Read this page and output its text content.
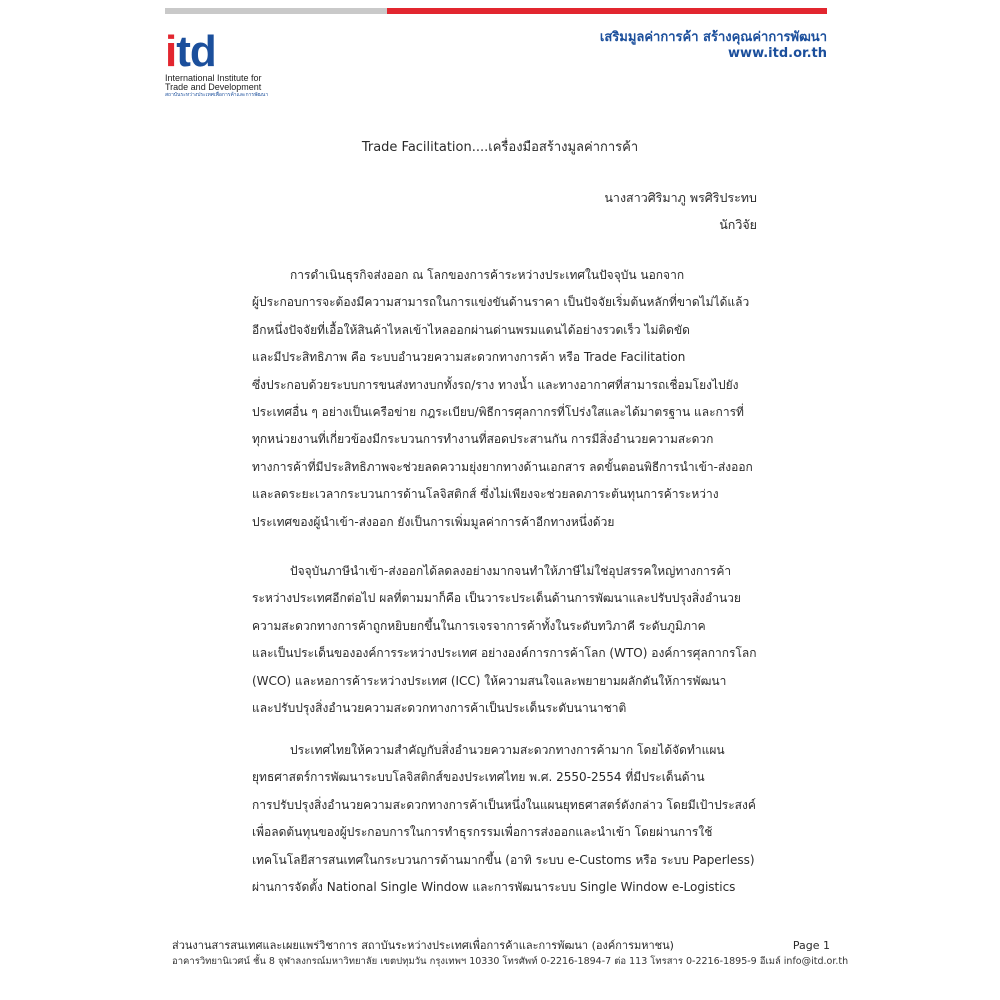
i t d
International Institute for
Trade and Development
สถาบันระหว่างประเทศเพื่อการค้าและการพัฒนา
เสริมมูลค่าการค้า สร้างคุณค่าการพัฒนา
www.itd.or.th
Trade Facilitation....เครื่องมือสร้างมูลค่าการค้า
นางสาวศิริมาภู พรศิริประทบ
นักวิจัย
การดำเนินธุรกิจส่งออก ณ โลกของการค้าระหว่างประเทศในปัจจุบัน นอกจาก
ผู้ประกอบการจะต้องมีความสามารถในการแข่งขันด้านราคา เป็นปัจจัยเริ่มต้นหลักที่ขาดไม่ได้แล้ว
อีกหนึ่งปัจจัยที่เอื้อให้สินค้าไหลเข้าไหลออกผ่านด่านพรมแดนได้อย่างรวดเร็ว ไม่ติดขัด
และมีประสิทธิภาพ คือ ระบบอำนวยความสะดวกทางการค้า หรือ Trade Facilitation
ซึ่งประกอบด้วยระบบการขนส่งทางบกทั้งรถ/ราง ทางน้ำ และทางอากาศที่สามารถเชื่อมโยงไปยัง
ประเทศอื่น ๆ อย่างเป็นเครือข่าย กฎระเบียบ/พิธีการศุลกากรที่โปร่งใสและได้มาตรฐาน และการที่
ทุกหน่วยงานที่เกี่ยวข้องมีกระบวนการทำงานที่สอดประสานกัน การมีสิ่งอำนวยความสะดวก
ทางการค้าที่มีประสิทธิภาพจะช่วยลดความยุ่งยากทางด้านเอกสาร ลดขั้นตอนพิธีการนำเข้า-ส่งออก
และลดระยะเวลากระบวนการด้านโลจิสติกส์ ซึ่งไม่เพียงจะช่วยลดภาระต้นทุนการค้าระหว่าง
ประเทศของผู้นำเข้า-ส่งออก ยังเป็นการเพิ่มมูลค่าการค้าอีกทางหนึ่งด้วย
ปัจจุบันภาษีนำเข้า-ส่งออกได้ลดลงอย่างมากจนทำให้ภาษีไม่ใช่อุปสรรคใหญ่ทางการค้า
ระหว่างประเทศอีกต่อไป ผลที่ตามมาก็คือ เป็นวาระประเด็นด้านการพัฒนาและปรับปรุงสิ่งอำนวย
ความสะดวกทางการค้าถูกหยิบยกขึ้นในการเจรจาการค้าทั้งในระดับทวิภาคี ระดับภูมิภาค
และเป็นประเด็นขององค์การระหว่างประเทศ อย่างองค์การการค้าโลก (WTO) องค์การศุลกากรโลก
(WCO) และหอการค้าระหว่างประเทศ (ICC) ให้ความสนใจและพยายามผลักดันให้การพัฒนา
และปรับปรุงสิ่งอำนวยความสะดวกทางการค้าเป็นประเด็นระดับนานาชาติ
ประเทศไทยให้ความสำคัญกับสิ่งอำนวยความสะดวกทางการค้ามาก โดยได้จัดทำแผน
ยุทธศาสตร์การพัฒนาระบบโลจิสติกส์ของประเทศไทย พ.ศ. 2550-2554 ที่มีประเด็นด้าน
การปรับปรุงสิ่งอำนวยความสะดวกทางการค้าเป็นหนึ่งในแผนยุทธศาสตร์ดังกล่าว โดยมีเป้าประสงค์
เพื่อลดต้นทุนของผู้ประกอบการในการทำธุรกรรมเพื่อการส่งออกและนำเข้า โดยผ่านการใช้
เทคโนโลยีสารสนเทศในกระบวนการด้านมากขึ้น (อาทิ ระบบ e-Customs หรือ ระบบ Paperless)
ผ่านการจัดตั้ง National Single Window และการพัฒนาระบบ Single Window e-Logistics
ส่วนงานสารสนเทศและเผยแพร่วิชาการ สถาบันระหว่างประเทศเพื่อการค้าและการพัฒนา (องค์การมหาชน)	Page 1
อาคารวิทยานิเวศน์ ชั้น 8 จุฬาลงกรณ์มหาวิทยาลัย เขตปทุมวัน กรุงเทพฯ 10330 โทรศัพท์ 0-2216-1894-7 ต่อ 113 โทรสาร 0-2216-1895-9 อีเมล์ info@itd.or.th
